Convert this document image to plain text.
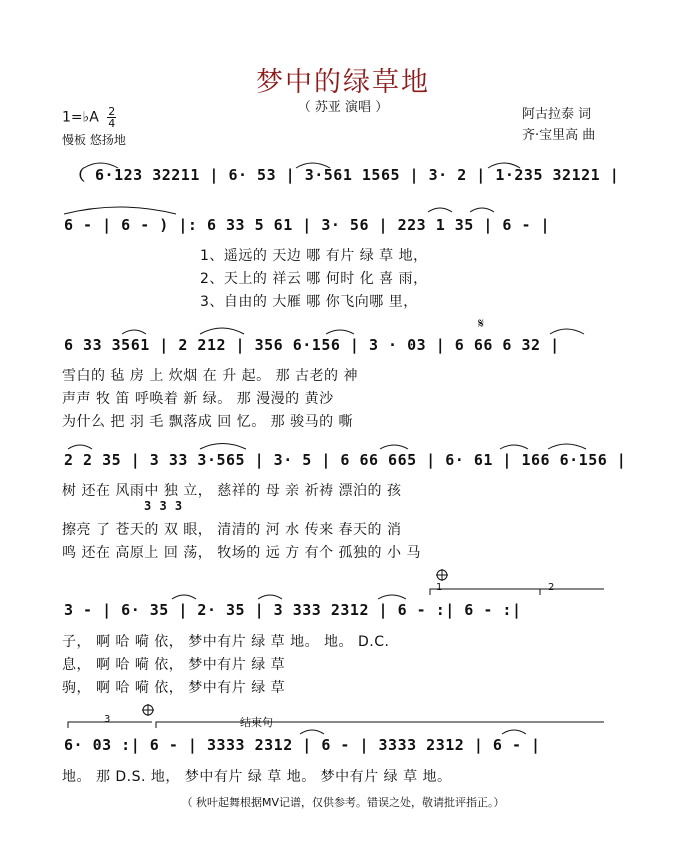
梦中的绿草地
（ 苏亚 演唱 ）
1=♭A $\frac{2}{4}$
慢板 悠扬地
阿古拉泰 词
齐·宝里高 曲
（ 6·123 32211 | 6· 53 | 3·561 1565 | 3· 2 | 1·235 32121 |
6 - | 6 - ) |: 6 33 5 61 | 3· 56 | 223 1 35 | 6 - |
1、遥远的 天边 哪 有片 绿 草 地，
2、天上的 祥云 哪 何时 化 喜 雨，
3、自由的 大雁 哪 你飞向哪 里，
6 33 3561 | 2 212 | 356 6·156 | 3 · 03 | 6 66 6 32 |
雪白的 毡 房 上 炊烟 在 升 起。 那 古老的 神
声声 牧 笛 呼唤着 新 绿。 那 漫漫的 黄沙
为什么 把 羽 毛 飘落成 回 忆。 那 骏马的 嘶
2 2 35 | 3 33 3·565 | 3· 5 | 6 66 665 | 6· 61 | 166 6·156 |
树 还在 风雨中 独 立， 慈祥的 母 亲 祈祷 漂泊的 孩
3 3 3
擦亮 了 苍天的 双 眼， 清清的 河 水 传来 春天的 消
鸣 还在 高原上 回 荡， 牧场的 远 方 有个 孤独的 小 马
1	2
3 - | 6· 35 | 2· 35 | 3 333 2312 | 6 - :| 6 - :|
子， 啊 哈 嗬 依， 梦中有片 绿 草 地。 地。 D.C.
息， 啊 哈 嗬 依， 梦中有片 绿 草
驹， 啊 哈 嗬 依， 梦中有片 绿 草
3	结束句
6· 03 :| 6 - | 3333 2312 | 6 - | 3333 2312 | 6 - |
地。 那 D.S. 地， 梦中有片 绿 草 地。 梦中有片 绿 草 地。
（ 秋叶起舞根据MV记谱，仅供参考。错误之处，敬请批评指正。）
𝄋
